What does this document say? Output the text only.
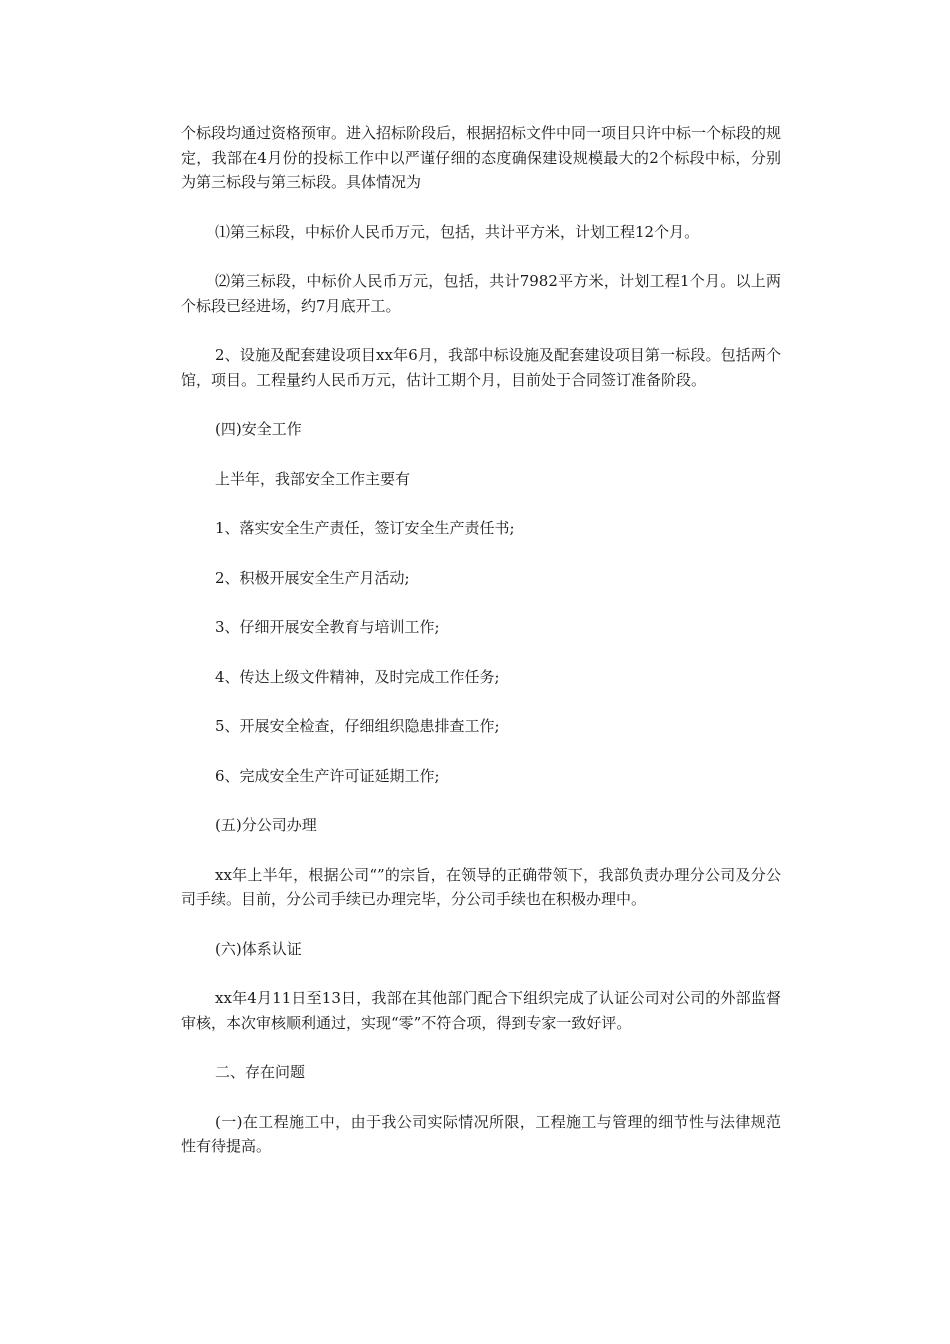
个标段均通过资格预审。进入招标阶段后，根据招标文件中同一项目只许中标一个标段的规定，我部在4月份的投标工作中以严谨仔细的态度确保建设规模最大的2个标段中标，分别为第三标段与第三标段。具体情况为

⑴第三标段，中标价人民币万元，包括，共计平方米，计划工程12个月。

⑵第三标段，中标价人民币万元，包括，共计7982平方米，计划工程1个月。以上两个标段已经进场，约7月底开工。

2、设施及配套建设项目xx年6月，我部中标设施及配套建设项目第一标段。包括两个馆，项目。工程量约人民币万元，估计工期个月，目前处于合同签订准备阶段。

(四)安全工作

上半年，我部安全工作主要有

1、落实安全生产责任，签订安全生产责任书;

2、积极开展安全生产月活动;

3、仔细开展安全教育与培训工作;

4、传达上级文件精神，及时完成工作任务;

5、开展安全检查，仔细组织隐患排查工作;

6、完成安全生产许可证延期工作;

(五)分公司办理

xx年上半年，根据公司“”的宗旨，在领导的正确带领下，我部负责办理分公司及分公司手续。目前，分公司手续已办理完毕，分公司手续也在积极办理中。

(六)体系认证

xx年4月11日至13日，我部在其他部门配合下组织完成了认证公司对公司的外部监督审核，本次审核顺利通过，实现“零”不符合项，得到专家一致好评。

二、存在问题

(一)在工程施工中，由于我公司实际情况所限，工程施工与管理的细节性与法律规范性有待提高。
